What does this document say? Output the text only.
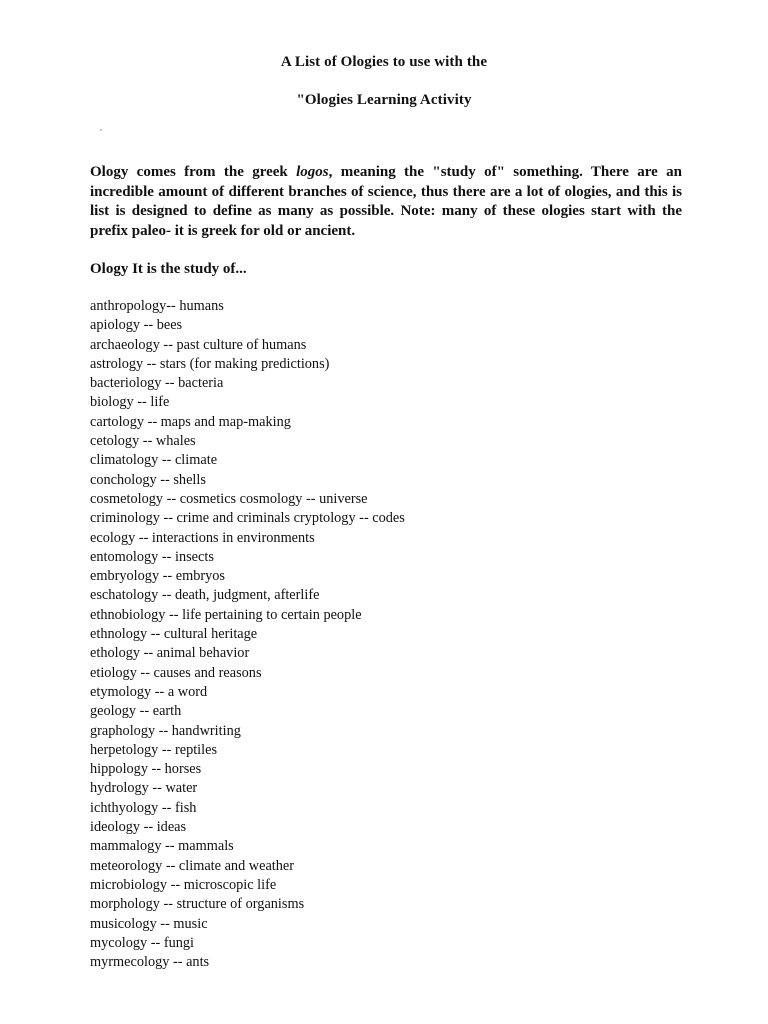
A List of Ologies to use with the
"Ologies Learning Activity

Ology comes from the greek logos, meaning the "study of" something. There are an incredible amount of different branches of science, thus there are a lot of ologies, and this is list is designed to define as many as possible. Note: many of these ologies start with the prefix paleo- it is greek for old or ancient.

Ology It is the study of...
anthropology-- humans
apiology -- bees
archaeology -- past culture of humans
astrology -- stars (for making predictions)
bacteriology -- bacteria
biology -- life
cartology -- maps and map-making
cetology -- whales
climatology -- climate
conchology -- shells
cosmetology -- cosmetics cosmology -- universe
criminology -- crime and criminals cryptology -- codes
ecology -- interactions in environments
entomology -- insects
embryology -- embryos
eschatology -- death, judgment, afterlife
ethnobiology -- life pertaining to certain people
ethnology -- cultural heritage
ethology -- animal behavior
etiology -- causes and reasons
etymology -- a word
geology -- earth
graphology -- handwriting
herpetology -- reptiles
hippology -- horses
hydrology -- water
ichthyology -- fish
ideology -- ideas
mammalogy -- mammals
meteorology -- climate and weather
microbiology -- microscopic life
morphology -- structure of organisms
musicology -- music
mycology -- fungi
myrmecology -- ants
